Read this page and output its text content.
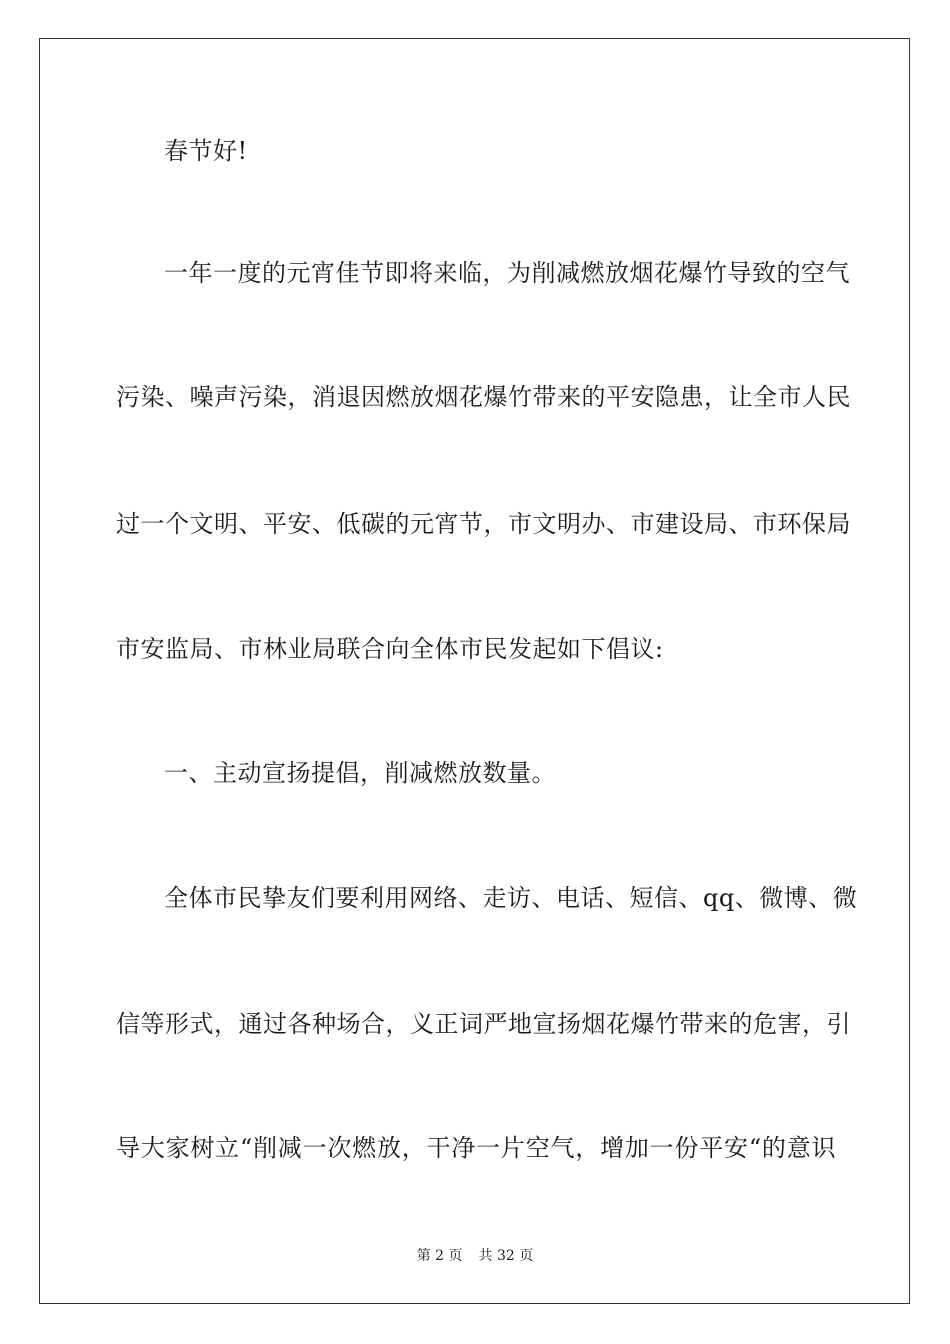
春节好!
一年一度的元宵佳节即将来临，为削减燃放烟花爆竹导致的空气
污染、噪声污染，消退因燃放烟花爆竹带来的平安隐患，让全市人民
过一个文明、平安、低碳的元宵节，市文明办、市建设局、市环保局
市安监局、市林业局联合向全体市民发起如下倡议:
一、主动宣扬提倡，削减燃放数量。
全体市民挚友们要利用网络、走访、电话、短信、qq、微博、微
信等形式，通过各种场合，义正词严地宣扬烟花爆竹带来的危害，引
导大家树立“削减一次燃放，干净一片空气，增加一份平安“的意识
第 2 页 共 32 页
